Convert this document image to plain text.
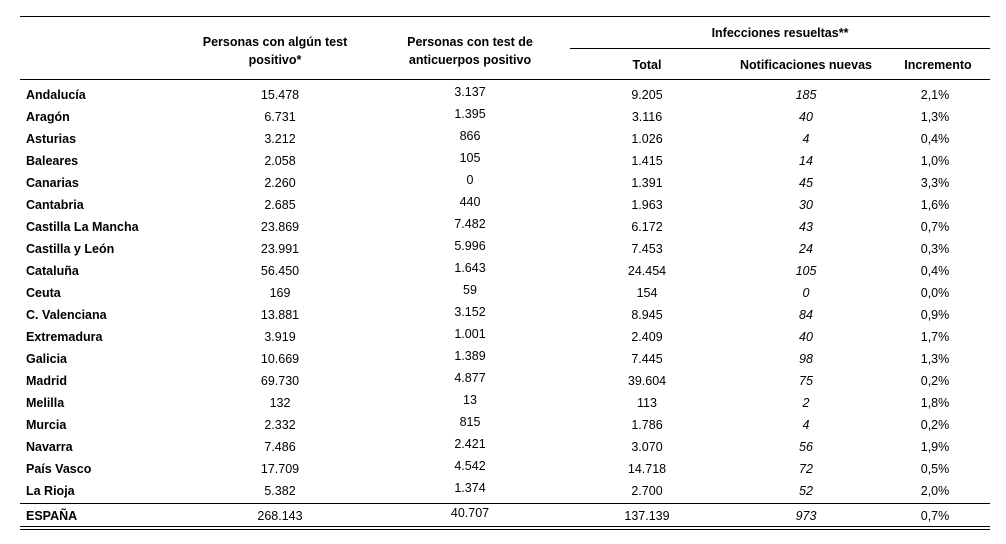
Personas con algún test
positivo*
Personas con test de
anticuerpos positivo
Infecciones resueltas**
Total	Notificaciones nuevas	Incremento
Andalucía	15.478	3.137	9.205	185	2,1%
Aragón	6.731	1.395	3.116	40	1,3%
Asturias	3.212	866	1.026	4	0,4%
Baleares	2.058	105	1.415	14	1,0%
Canarias	2.260	0	1.391	45	3,3%
Cantabria	2.685	440	1.963	30	1,6%
Castilla La Mancha	23.869	7.482	6.172	43	0,7%
Castilla y León	23.991	5.996	7.453	24	0,3%
Cataluña	56.450	1.643	24.454	105	0,4%
Ceuta	169	59	154	0	0,0%
C. Valenciana	13.881	3.152	8.945	84	0,9%
Extremadura	3.919	1.001	2.409	40	1,7%
Galicia	10.669	1.389	7.445	98	1,3%
Madrid	69.730	4.877	39.604	75	0,2%
Melilla	132	13	113	2	1,8%
Murcia	2.332	815	1.786	4	0,2%
Navarra	7.486	2.421	3.070	56	1,9%
País Vasco	17.709	4.542	14.718	72	0,5%
La Rioja	5.382	1.374	2.700	52	2,0%
ESPAÑA	268.143	40.707	137.139	973	0,7%
